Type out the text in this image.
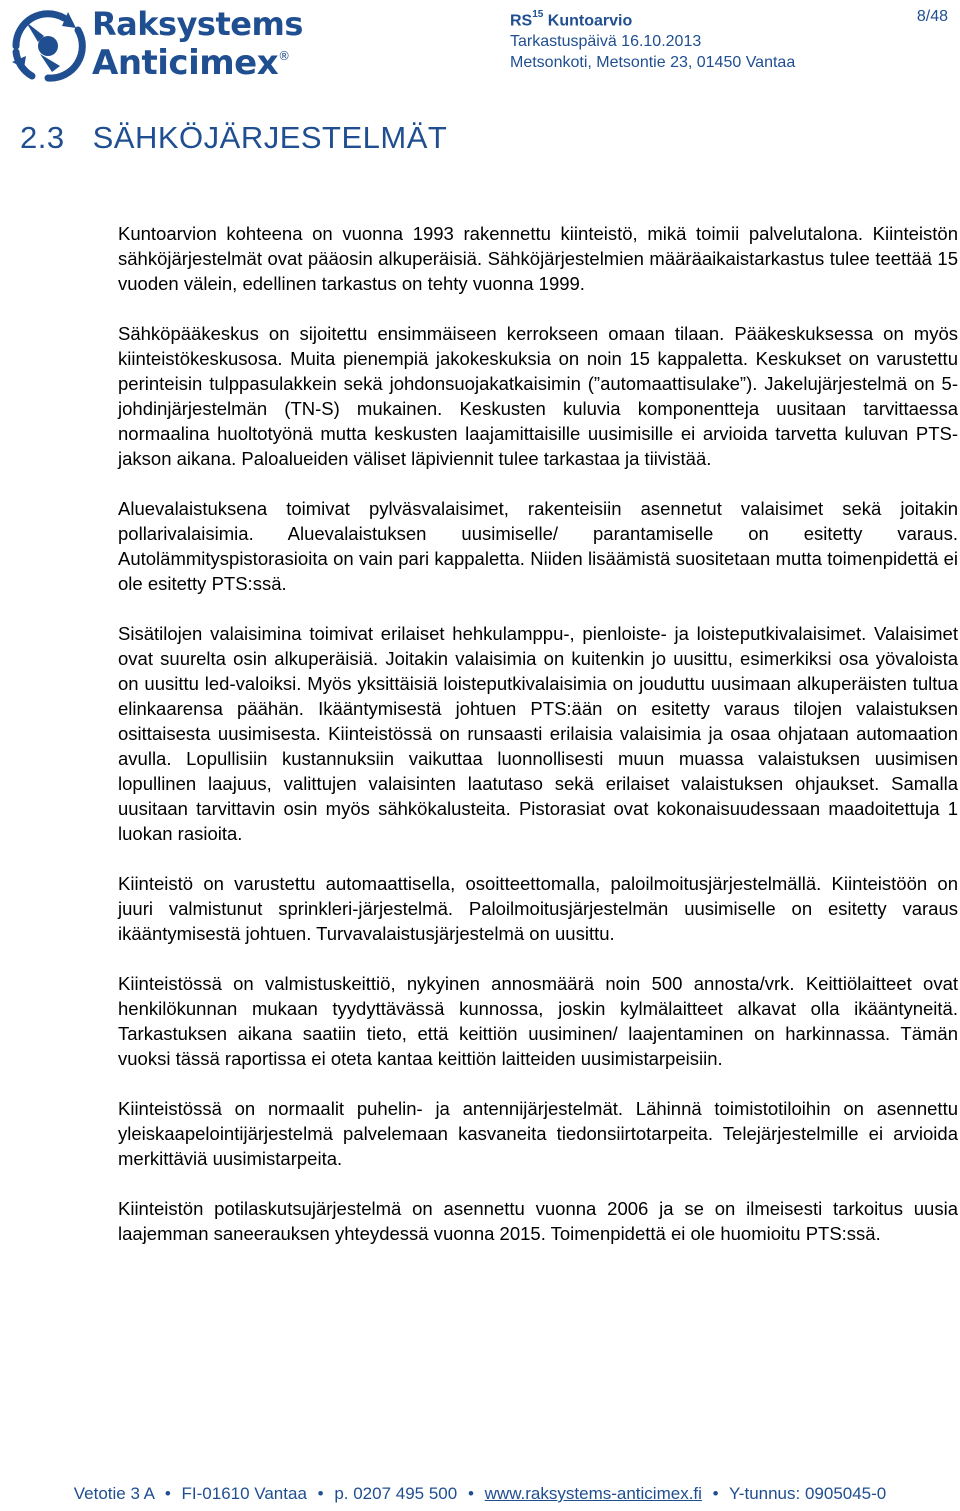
Raksystems
Anticimex®
RS$^{15}$ Kuntoarvio
Tarkastuspäivä 16.10.2013
Metsonkoti, Metsontie 23, 01450 Vantaa
8/48
2.3 SÄHKÖJÄRJESTELMÄT

Kuntoarvion kohteena on vuonna 1993 rakennettu kiinteistö, mikä toimii palvelutalona. Kiinteistön sähköjärjestelmät ovat pääosin alkuperäisiä. Sähköjärjestelmien määräaikaistarkastus tulee teettää 15 vuoden välein, edellinen tarkastus on tehty vuonna 1999.

Sähköpääkeskus on sijoitettu ensimmäiseen kerrokseen omaan tilaan. Pääkeskuksessa on myös kiinteistökeskusosa. Muita pienempiä jakokeskuksia on noin 15 kappaletta. Keskukset on varustettu perinteisin tulppasulakkein sekä johdonsuojakatkaisimin (”automaattisulake”). Jakelujärjestelmä on 5-johdinjärjestelmän (TN-S) mukainen. Keskusten kuluvia komponentteja uusitaan tarvittaessa normaalina huoltotyönä mutta keskusten laajamittaisille uusimisille ei arvioida tarvetta kuluvan PTS-jakson aikana. Paloalueiden väliset läpiviennit tulee tarkastaa ja tiivistää.

Aluevalaistuksena toimivat pylväsvalaisimet, rakenteisiin asennetut valaisimet sekä joitakin pollarivalaisimia. Aluevalaistuksen uusimiselle/ parantamiselle on esitetty varaus. Autolämmityspistorasioita on vain pari kappaletta. Niiden lisäämistä suositetaan mutta toimenpidettä ei ole esitetty PTS:ssä.

Sisätilojen valaisimina toimivat erilaiset hehkulamppu-, pienloiste- ja loisteputkivalaisimet. Valaisimet ovat suurelta osin alkuperäisiä. Joitakin valaisimia on kuitenkin jo uusittu, esimerkiksi osa yövaloista on uusittu led-valoiksi. Myös yksittäisiä loisteputkivalaisimia on jouduttu uusimaan alkuperäisten tultua elinkaarensa päähän. Ikääntymisestä johtuen PTS:ään on esitetty varaus tilojen valaistuksen osittaisesta uusimisesta. Kiinteistössä on runsaasti erilaisia valaisimia ja osaa ohjataan automaation avulla. Lopullisiin kustannuksiin vaikuttaa luonnollisesti muun muassa valaistuksen uusimisen lopullinen laajuus, valittujen valaisinten laatutaso sekä erilaiset valaistuksen ohjaukset. Samalla uusitaan tarvittavin osin myös sähkökalusteita. Pistorasiat ovat kokonaisuudessaan maadoitettuja 1 luokan rasioita.

Kiinteistö on varustettu automaattisella, osoitteettomalla, paloilmoitusjärjestelmällä. Kiinteistöön on juuri valmistunut sprinkleri-järjestelmä. Paloilmoitusjärjestelmän uusimiselle on esitetty varaus ikääntymisestä johtuen. Turvavalaistusjärjestelmä on uusittu.

Kiinteistössä on valmistuskeittiö, nykyinen annosmäärä noin 500 annosta/vrk. Keittiölaitteet ovat henkilökunnan mukaan tyydyttävässä kunnossa, joskin kylmälaitteet alkavat olla ikääntyneitä. Tarkastuksen aikana saatiin tieto, että keittiön uusiminen/ laajentaminen on harkinnassa. Tämän vuoksi tässä raportissa ei oteta kantaa keittiön laitteiden uusimistarpeisiin.

Kiinteistössä on normaalit puhelin- ja antennijärjestelmät. Lähinnä toimistotiloihin on asennettu yleiskaapelointijärjestelmä palvelemaan kasvaneita tiedonsiirtotarpeita. Telejärjestelmille ei arvioida merkittäviä uusimistarpeita.

Kiinteistön potilaskutsujärjestelmä on asennettu vuonna 2006 ja se on ilmeisesti tarkoitus uusia laajemman saneerauksen yhteydessä vuonna 2015. Toimenpidettä ei ole huomioitu PTS:ssä.

Vetotie 3 A • FI-01610 Vantaa • p. 0207 495 500 • www.raksystems-anticimex.fi • Y-tunnus: 0905045-0
